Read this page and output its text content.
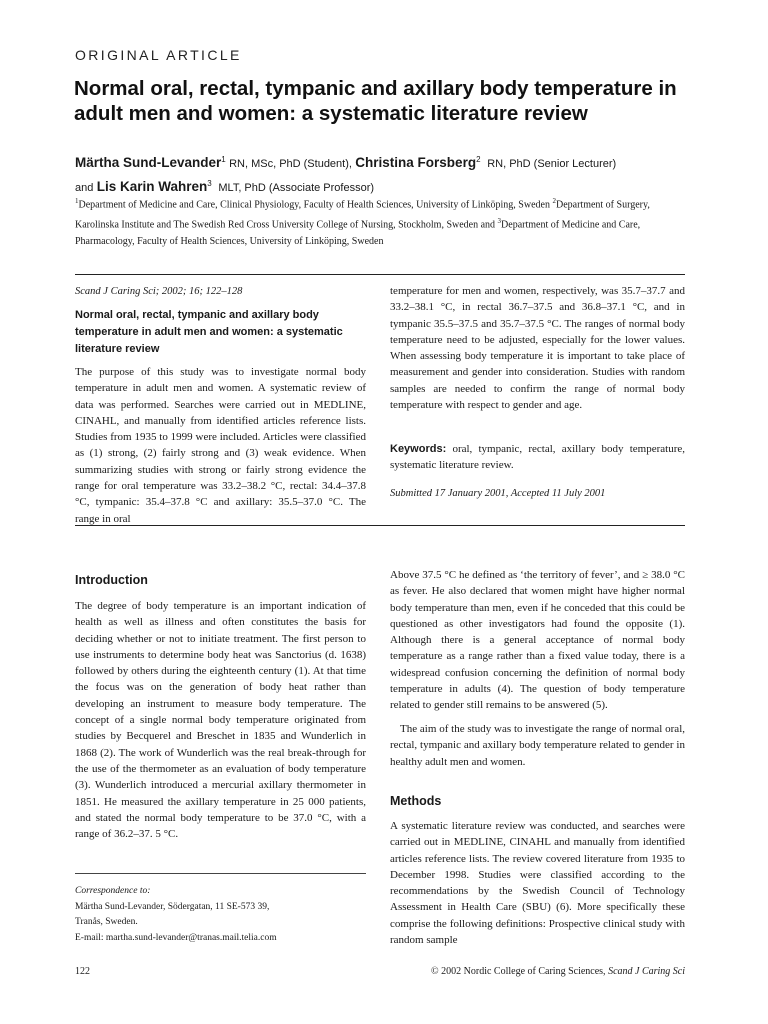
ORIGINAL ARTICLE
Normal oral, rectal, tympanic and axillary body temperature in adult men and women: a systematic literature review
Märtha Sund-Levander$^1$ RN, MSc, PhD (Student), Christina Forsberg$^2$ RN, PhD (Senior Lecturer)
and Lis Karin Wahren$^3$ MLT, PhD (Associate Professor)
$^1$Department of Medicine and Care, Clinical Physiology, Faculty of Health Sciences, University of Linköping, Sweden $^2$Department of Surgery, Karolinska Institute and The Swedish Red Cross University College of Nursing, Stockholm, Sweden and $^3$Department of Medicine and Care, Pharmacology, Faculty of Health Sciences, University of Linköping, Sweden
Scand J Caring Sci; 2002; 16; 122–128
Normal oral, rectal, tympanic and axillary body temperature in adult men and women: a systematic literature review
The purpose of this study was to investigate normal body temperature in adult men and women. A systematic review of data was performed. Searches were carried out in MEDLINE, CINAHL, and manually from identified articles reference lists. Studies from 1935 to 1999 were included. Articles were classified as (1) strong, (2) fairly strong and (3) weak evidence. When summarizing studies with strong or fairly strong evidence the range for oral temperature was 33.2–38.2 °C, rectal: 34.4–37.8 °C, tympanic: 35.4–37.8 °C and axillary: 35.5–37.0 °C. The range in oral
temperature for men and women, respectively, was 35.7–37.7 and 33.2–38.1 °C, in rectal 36.7–37.5 and 36.8–37.1 °C, and in tympanic 35.5–37.5 and 35.7–37.5 °C. The ranges of normal body temperature need to be adjusted, especially for the lower values. When assessing body temperature it is important to take place of measurement and gender into consideration. Studies with random samples are needed to confirm the range of normal body temperature with respect to gender and age.
Keywords: oral, tympanic, rectal, axillary body temperature, systematic literature review.
Submitted 17 January 2001, Accepted 11 July 2001
Introduction
The degree of body temperature is an important indication of health as well as illness and often constitutes the basis for deciding whether or not to initiate treatment. The first person to use instruments to determine body heat was Sanctorius (d. 1638) followed by others during the eighteenth century (1). At that time the focus was on the generation of body heat rather than developing an instrument to measure body temperature. The concept of a single normal body temperature originated from studies by Becquerel and Breschet in 1835 and Wunderlich in 1868 (2). The work of Wunderlich was the real break-through for the use of the thermometer as an evaluation of body temperature (3). Wunderlich introduced a mercurial axillary thermometer in 1851. He measured the axillary temperature in 25 000 patients, and stated the normal body temperature to be 37.0 °C, with a range of 36.2–37. 5 °C.
Above 37.5 °C he defined as ‘the territory of fever’, and ≥ 38.0 °C as fever. He also declared that women might have higher normal body temperature than men, even if he conceded that this could be questioned as other investigators had found the opposite (1). Although there is a general acceptance of normal body temperature as a range rather than a fixed value today, there is a widespread confusion concerning the definition of normal body temperature in adults (4). The question of body temperature related to gender still remains to be answered (5).
The aim of the study was to investigate the range of normal oral, rectal, tympanic and axillary body temperature related to gender in healthy adult men and women.
Methods
A systematic literature review was conducted, and searches were carried out in MEDLINE, CINAHL and manually from identified articles reference lists. The review covered literature from 1935 to December 1998. Studies were classified according to the recommendations by the Swedish Council of Technology Assessment in Health Care (SBU) (6). More specifically these comprise the following definitions: Prospective clinical study with random sample
Correspondence to:
Märtha Sund-Levander, Södergatan, 11 SE-573 39,
Tranås, Sweden.
E-mail: martha.sund-levander@tranas.mail.telia.com
122	© 2002 Nordic College of Caring Sciences, Scand J Caring Sci
